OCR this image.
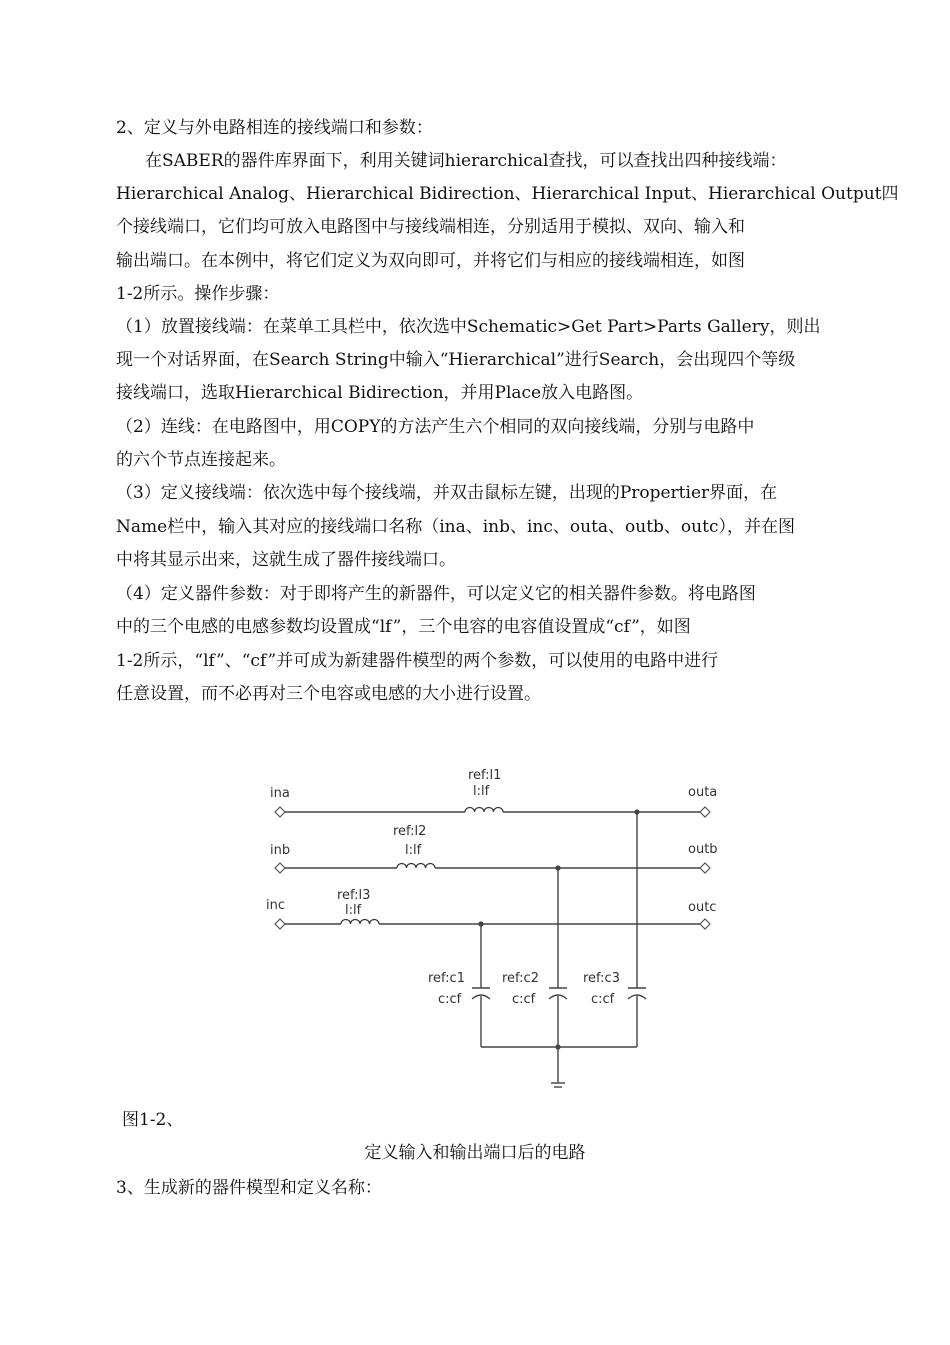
2、定义与外电路相连的接线端口和参数：
在SABER的器件库界面下，利用关键词hierarchical查找，可以查找出四种接线端：
Hierarchical Analog、Hierarchical Bidirection、Hierarchical Input、Hierarchical Output四
个接线端口，它们均可放入电路图中与接线端相连，分别适用于模拟、双向、输入和
输出端口。在本例中，将它们定义为双向即可，并将它们与相应的接线端相连，如图
1-2所示。操作步骤：
（1）放置接线端：在菜单工具栏中，依次选中Schematic>Get Part>Parts Gallery，则出
现一个对话界面，在Search String中输入“Hierarchical”进行Search，会出现四个等级
接线端口，选取Hierarchical Bidirection，并用Place放入电路图。
（2）连线：在电路图中，用COPY的方法产生六个相同的双向接线端，分别与电路中
的六个节点连接起来。
（3）定义接线端：依次选中每个接线端，并双击鼠标左键，出现的Propertier界面，在
Name栏中，输入其对应的接线端口名称（ina、inb、inc、outa、outb、outc），并在图
中将其显示出来，这就生成了器件接线端口。
（4）定义器件参数：对于即将产生的新器件，可以定义它的相关器件参数。将电路图
中的三个电感的电感参数均设置成“lf”，三个电容的电容值设置成“cf”，如图
1-2所示，“lf”、“cf”并可成为新建器件模型的两个参数，可以使用的电路中进行
任意设置，而不必再对三个电容或电感的大小进行设置。
ina
inb
inc
outa
outb
outc
ref:l1
l:lf
ref:l2
l:lf
ref:l3
l:lf
ref:c1
c:cf
ref:c2
c:cf
ref:c3
c:cf
图1-2、
定义输入和输出端口后的电路
3、生成新的器件模型和定义名称：
